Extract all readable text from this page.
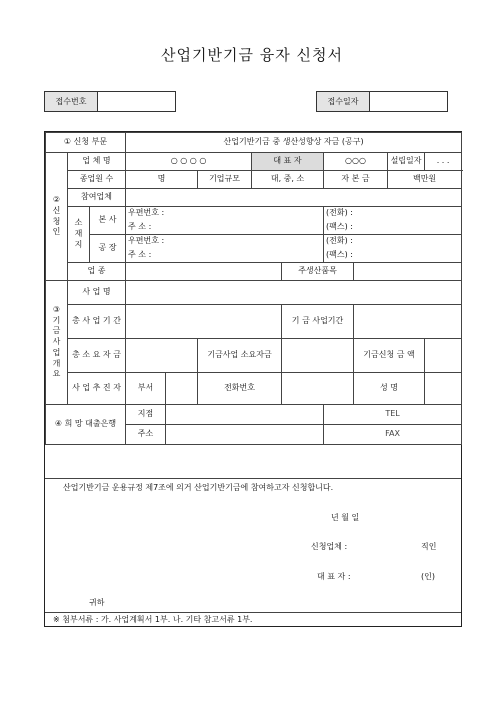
산업기반기금 융자 신청서
접수번호	접수일자
① 신청 부문			산업기반기금 중 생산성향상 자금 (공구)								
② 신 청 인	업 체 명		○ ○ ○ ○			대 표 자		○○○		설립일자	. . .
	종업원 수		명		기업규모	대, 중, 소		자 본 금		백만원	
	참여업체										
	소 재 지	본 사	우편번호 :					(전화) :			
			주 소 :					(팩스) :			
		공 장	우편번호 :					(전화) :			
			주 소 :					(팩스) :			
	업 종						주생산품목				
③ 기 금 사 업 개 요	사 업 명										
	총 사 업 기 간						기 금 사업기간				
	총 소 요 자 금				기금사업 소요자금				기금신청 금 액		
	사 업 추 진 자		부서		전화번호				성 명		
④ 희 망 대출은행			지점					TEL			
			주소					FAX			
산업기반기금 운용규정 제7조에 의거 산업기반기금에 참여하고자 신청합니다.
년 월 일
신청업체 :	직인
대 표 자 :	(인)
귀하
※ 첨부서류 : 가. 사업계획서 1부. 나. 기타 참고서류 1부.
